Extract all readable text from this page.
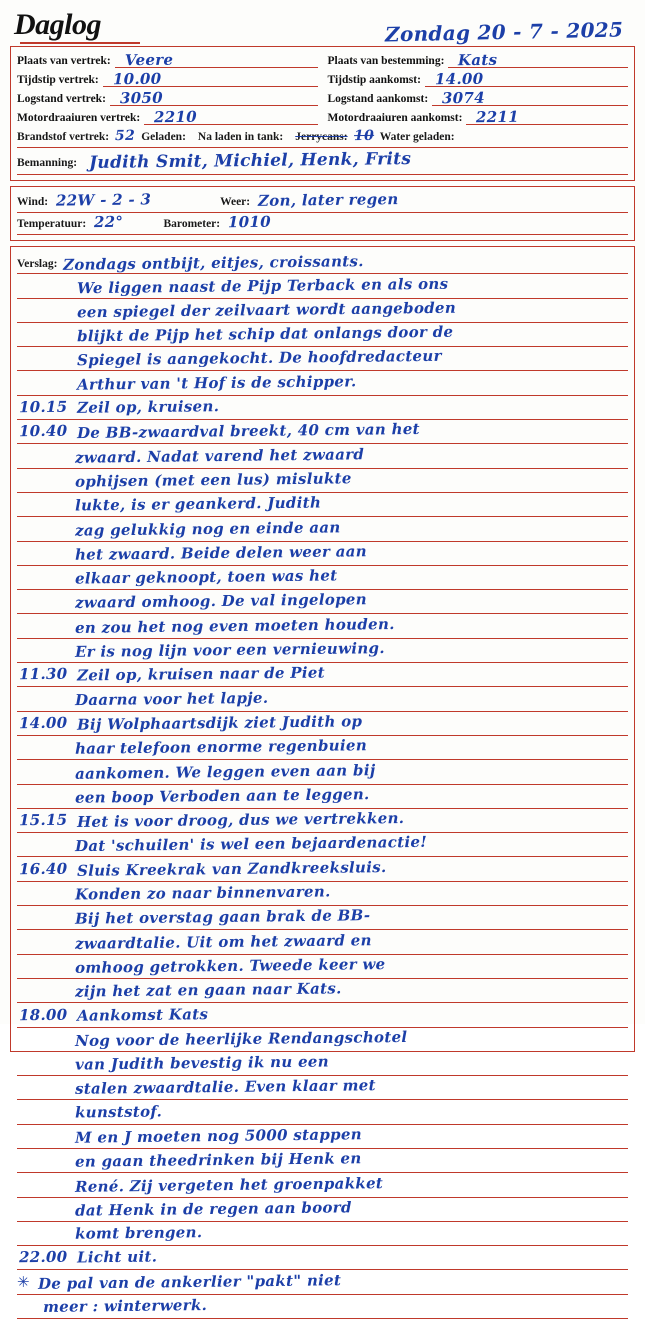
Daglog	Zondag 20 - 7 - 2025
Plaats van vertrek: Veere
Tijdstip vertrek: 10.00
Logstand vertrek: 3050
Motordraaiuren vertrek: 2210
Plaats van bestemming: Kats
Tijdstip aankomst: 14.00
Logstand aankomst: 3074
Motordraaiuren aankomst: 2211
Brandstof vertrek: 52 Geladen: Na laden in tank: Jerrycans: 10 Water geladen:
Bemanning: Judith Smit, Michiel, Henk, Frits
Wind: 22W - 2 - 3	Weer: Zon, later regen
Temperatuur: 22°	Barometer: 1010
Verslag: Zondags ontbijt, eitjes, croissants.
We liggen naast de Pijp Terback en als ons
een spiegel der zeilvaart wordt aangeboden
blijkt de Pijp het schip dat onlangs door de
Spiegel is aangekocht. De hoofdredacteur
Arthur van 't Hof is de schipper.
10.15 Zeil op, kruisen.
10.40 De BB-zwaardval breekt, 40 cm van het
zwaard. Nadat varend het zwaard
ophijsen (met een lus) mislukte
lukte, is er geankerd. Judith
zag gelukkig nog en einde aan
het zwaard. Beide delen weer aan
elkaar geknoopt, toen was het
zwaard omhoog. De val ingelopen
en zou het nog even moeten houden.
Er is nog lijn voor een vernieuwing.
11.30 Zeil op, kruisen naar de Piet
Daarna voor het lapje.
14.00 Bij Wolphaartsdijk ziet Judith op
haar telefoon enorme regenbuien
aankomen. We leggen even aan bij
een boop Verboden aan te leggen.
15.15 Het is voor droog, dus we vertrekken.
Dat 'schuilen' is wel een bejaardenactie!
16.40 Sluis Kreekrak van Zandkreeksluis.
Konden zo naar binnenvaren.
Bij het overstag gaan brak de BB-
zwaardtalie. Uit om het zwaard en
omhoog getrokken. Tweede keer we
zijn het zat en gaan naar Kats.
18.00 Aankomst Kats
Nog voor de heerlijke Rendangschotel
van Judith bevestig ik nu een
stalen zwaardtalie. Even klaar met
kunststof.
M en J moeten nog 5000 stappen
en gaan theedrinken bij Henk en
René. Zij vergeten het groenpakket
dat Henk in de regen aan boord
komt brengen.
22.00 Licht uit.
✳ De pal van de ankerlier "pakt" niet
meer : winterwerk.
